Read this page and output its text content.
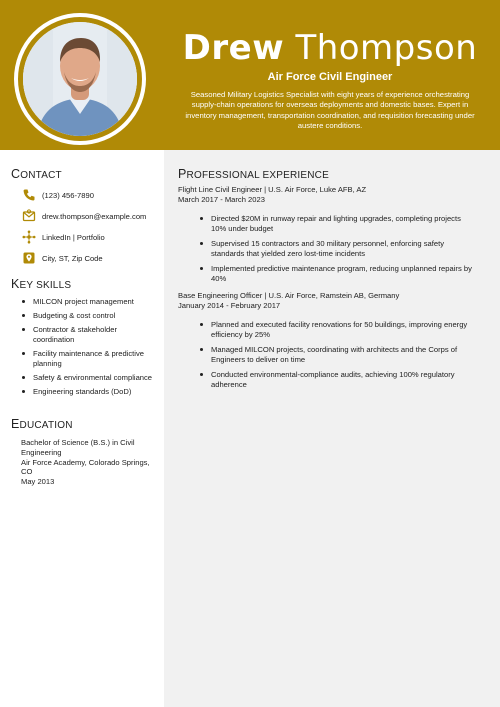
Drew Thompson
Air Force Civil Engineer
Seasoned Military Logistics Specialist with eight years of experience orchestrating supply-chain operations for overseas deployments and domestic bases. Expert in inventory management, transportation coordination, and requisition forecasting under austere conditions.
CONTACT
(123) 456-7890
drew.thompson@example.com
LinkedIn | Portfolio
City, ST, Zip Code
KEY SKILLS
MILCON project management
Budgeting & cost control
Contractor & stakeholder coordination
Facility maintenance & predictive planning
Safety & environmental compliance
Engineering standards (DoD)
EDUCATION
Bachelor of Science (B.S.) in Civil Engineering
Air Force Academy, Colorado Springs, CO
May 2013
PROFESSIONAL EXPERIENCE
Flight Line Civil Engineer | U.S. Air Force, Luke AFB, AZ
March 2017 - March 2023
Directed $20M in runway repair and lighting upgrades, completing projects 10% under budget
Supervised 15 contractors and 30 military personnel, enforcing safety standards that yielded zero lost-time incidents
Implemented predictive maintenance program, reducing unplanned repairs by 40%
Base Engineering Officer | U.S. Air Force, Ramstein AB, Germany
January 2014 - February 2017
Planned and executed facility renovations for 50 buildings, improving energy efficiency by 25%
Managed MILCON projects, coordinating with architects and the Corps of Engineers to deliver on time
Conducted environmental-compliance audits, achieving 100% regulatory adherence
